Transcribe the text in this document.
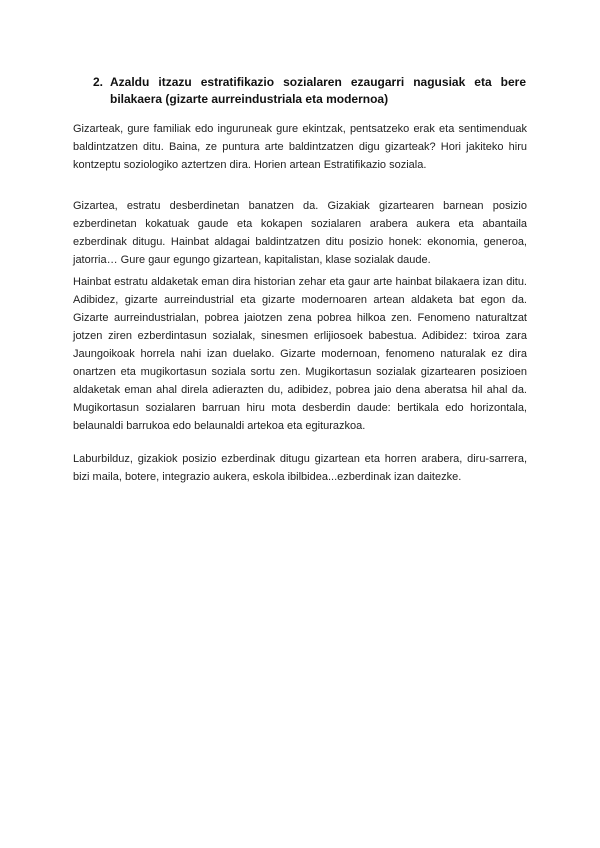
2. Azaldu itzazu estratifikazio sozialaren ezaugarri nagusiak eta bere bilakaera (gizarte aurreindustriala eta modernoa)

Gizarteak, gure familiak edo inguruneak gure ekintzak, pentsatzeko erak eta sentimenduak baldintzatzen ditu. Baina, ze puntura arte baldintzatzen digu gizarteak? Hori jakiteko hiru kontzeptu soziologiko aztertzen dira. Horien artean Estratifikazio soziala.

Gizartea, estratu desberdinetan banatzen da. Gizakiak gizartearen barnean posizio ezberdinetan kokatuak gaude eta kokapen sozialaren arabera aukera eta abantaila ezberdinak ditugu. Hainbat aldagai baldintzatzen ditu posizio honek: ekonomia, generoa, jatorria… Gure gaur egungo gizartean, kapitalistan, klase sozialak daude.

Hainbat estratu aldaketak eman dira historian zehar eta gaur arte hainbat bilakaera izan ditu. Adibidez, gizarte aurreindustrial eta gizarte modernoaren artean aldaketa bat egon da. Gizarte aurreindustrialan, pobrea jaiotzen zena pobrea hilkoa zen. Fenomeno naturaltzat jotzen ziren ezberdintasun sozialak, sinesmen erlijiosoek babestua. Adibidez: txiroa zara Jaungoikoak horrela nahi izan duelako. Gizarte modernoan, fenomeno naturalak ez dira onartzen eta mugikortasun soziala sortu zen. Mugikortasun sozialak gizartearen posizioen aldaketak eman ahal direla adierazten du, adibidez, pobrea jaio dena aberatsa hil ahal da. Mugikortasun sozialaren barruan hiru mota desberdin daude: bertikala edo horizontala, belaunaldi barrukoa edo belaunaldi artekoa eta egiturazkoa.

Laburbilduz, gizakiok posizio ezberdinak ditugu gizartean eta horren arabera, diru-sarrera, bizi maila, botere, integrazio aukera, eskola ibilbidea...ezberdinak izan daitezke.
